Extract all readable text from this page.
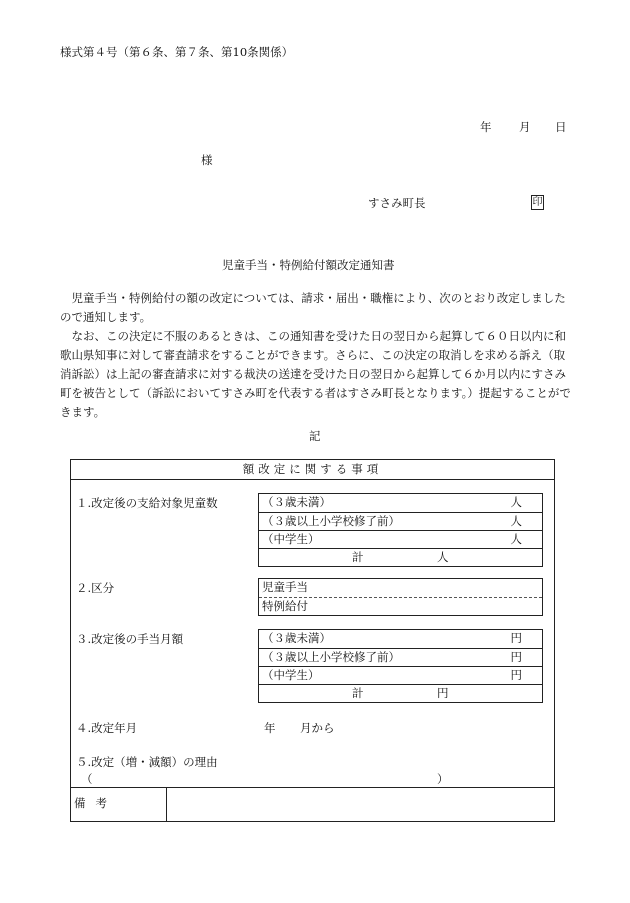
様式第４号（第６条、第７条、第10条関係）
年 月 日
様
すさみ町長	印
児童手当・特例給付額改定通知書
児童手当・特例給付の額の改定については、請求・届出・職権により、次のとおり改定しましたので通知します。
なお、この決定に不服のあるときは、この通知書を受けた日の翌日から起算して６０日以内に和歌山県知事に対して審査請求をすることができます。さらに、この決定の取消しを求める訴え（取消訴訟）は上記の審査請求に対する裁決の送達を受けた日の翌日から起算して６か月以内にすさみ町を被告として（訴訟においてすさみ町を代表する者はすさみ町長となります。）提起することができます。
記
額改定に関する事項
１.改定後の支給対象児童数	（３歳未満）	人
（３歳以上小学校修了前）	人
（中学生）	人
計	人
２.区分	児童手当
特例給付
３.改定後の手当月額	（３歳未満）	円
（３歳以上小学校修了前）	円
（中学生）	円
計	円
４.改定年月	年 月から
５.改定（増・減額）の理由
（	）
備考
